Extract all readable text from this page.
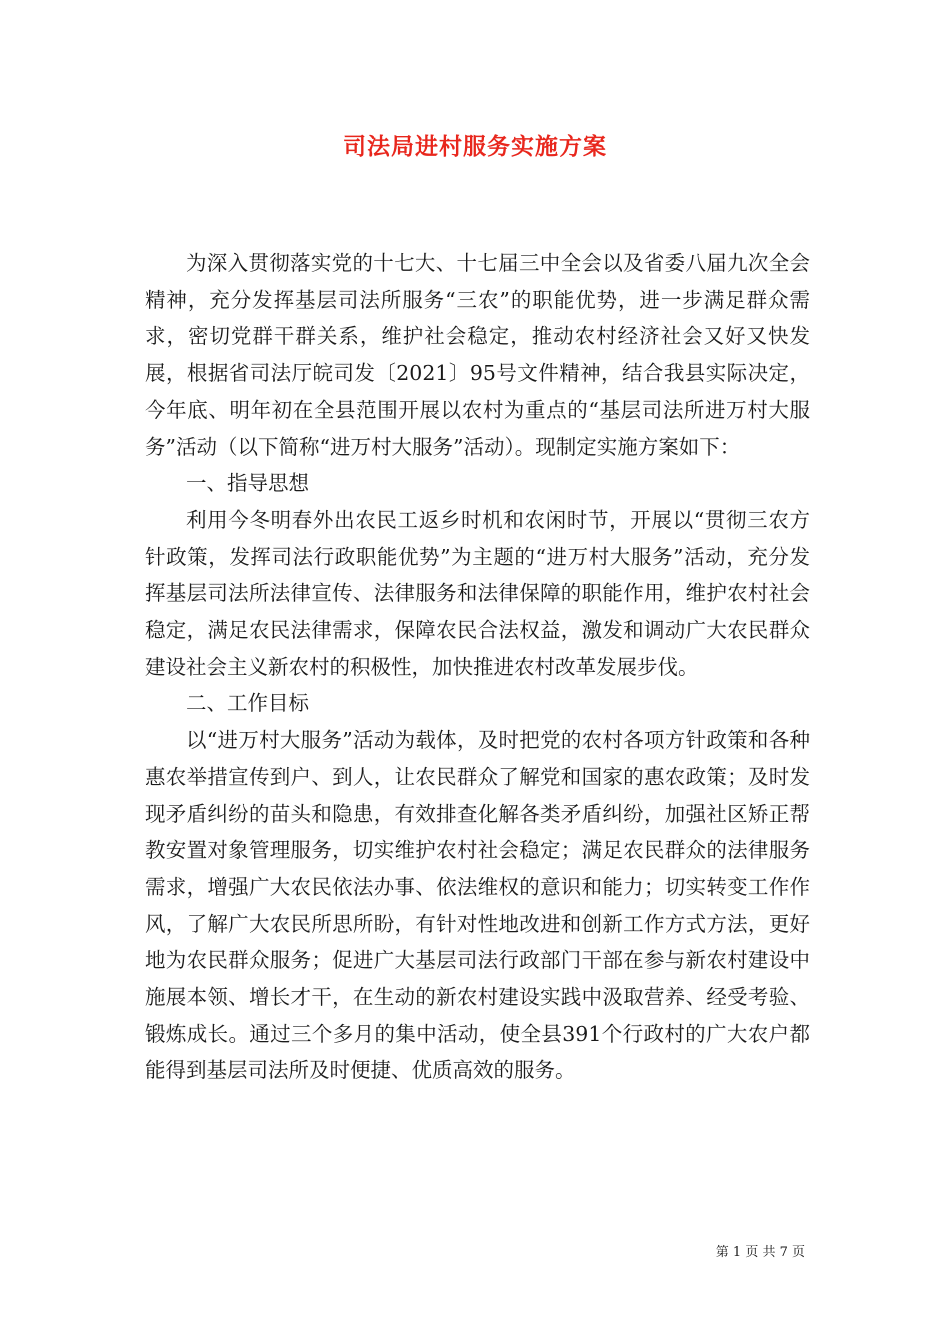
司法局进村服务实施方案

为深入贯彻落实党的十七大、十七届三中全会以及省委八届九次全会精神，充分发挥基层司法所服务“三农”的职能优势，进一步满足群众需求，密切党群干群关系，维护社会稳定，推动农村经济社会又好又快发展，根据省司法厅皖司发〔2021〕95号文件精神，结合我县实际决定，今年底、明年初在全县范围开展以农村为重点的“基层司法所进万村大服务”活动（以下简称“进万村大服务”活动）。现制定实施方案如下：

一、指导思想

利用今冬明春外出农民工返乡时机和农闲时节，开展以“贯彻三农方针政策，发挥司法行政职能优势”为主题的“进万村大服务”活动，充分发挥基层司法所法律宣传、法律服务和法律保障的职能作用，维护农村社会稳定，满足农民法律需求，保障农民合法权益，激发和调动广大农民群众建设社会主义新农村的积极性，加快推进农村改革发展步伐。

二、工作目标

以“进万村大服务”活动为载体，及时把党的农村各项方针政策和各种惠农举措宣传到户、到人，让农民群众了解党和国家的惠农政策；及时发现矛盾纠纷的苗头和隐患，有效排查化解各类矛盾纠纷，加强社区矫正帮教安置对象管理服务，切实维护农村社会稳定；满足农民群众的法律服务需求，增强广大农民依法办事、依法维权的意识和能力；切实转变工作作风，了解广大农民所思所盼，有针对性地改进和创新工作方式方法，更好地为农民群众服务；促进广大基层司法行政部门干部在参与新农村建设中施展本领、增长才干，在生动的新农村建设实践中汲取营养、经受考验、锻炼成长。通过三个多月的集中活动，使全县391个行政村的广大农户都能得到基层司法所及时便捷、优质高效的服务。

第 1 页 共 7 页
